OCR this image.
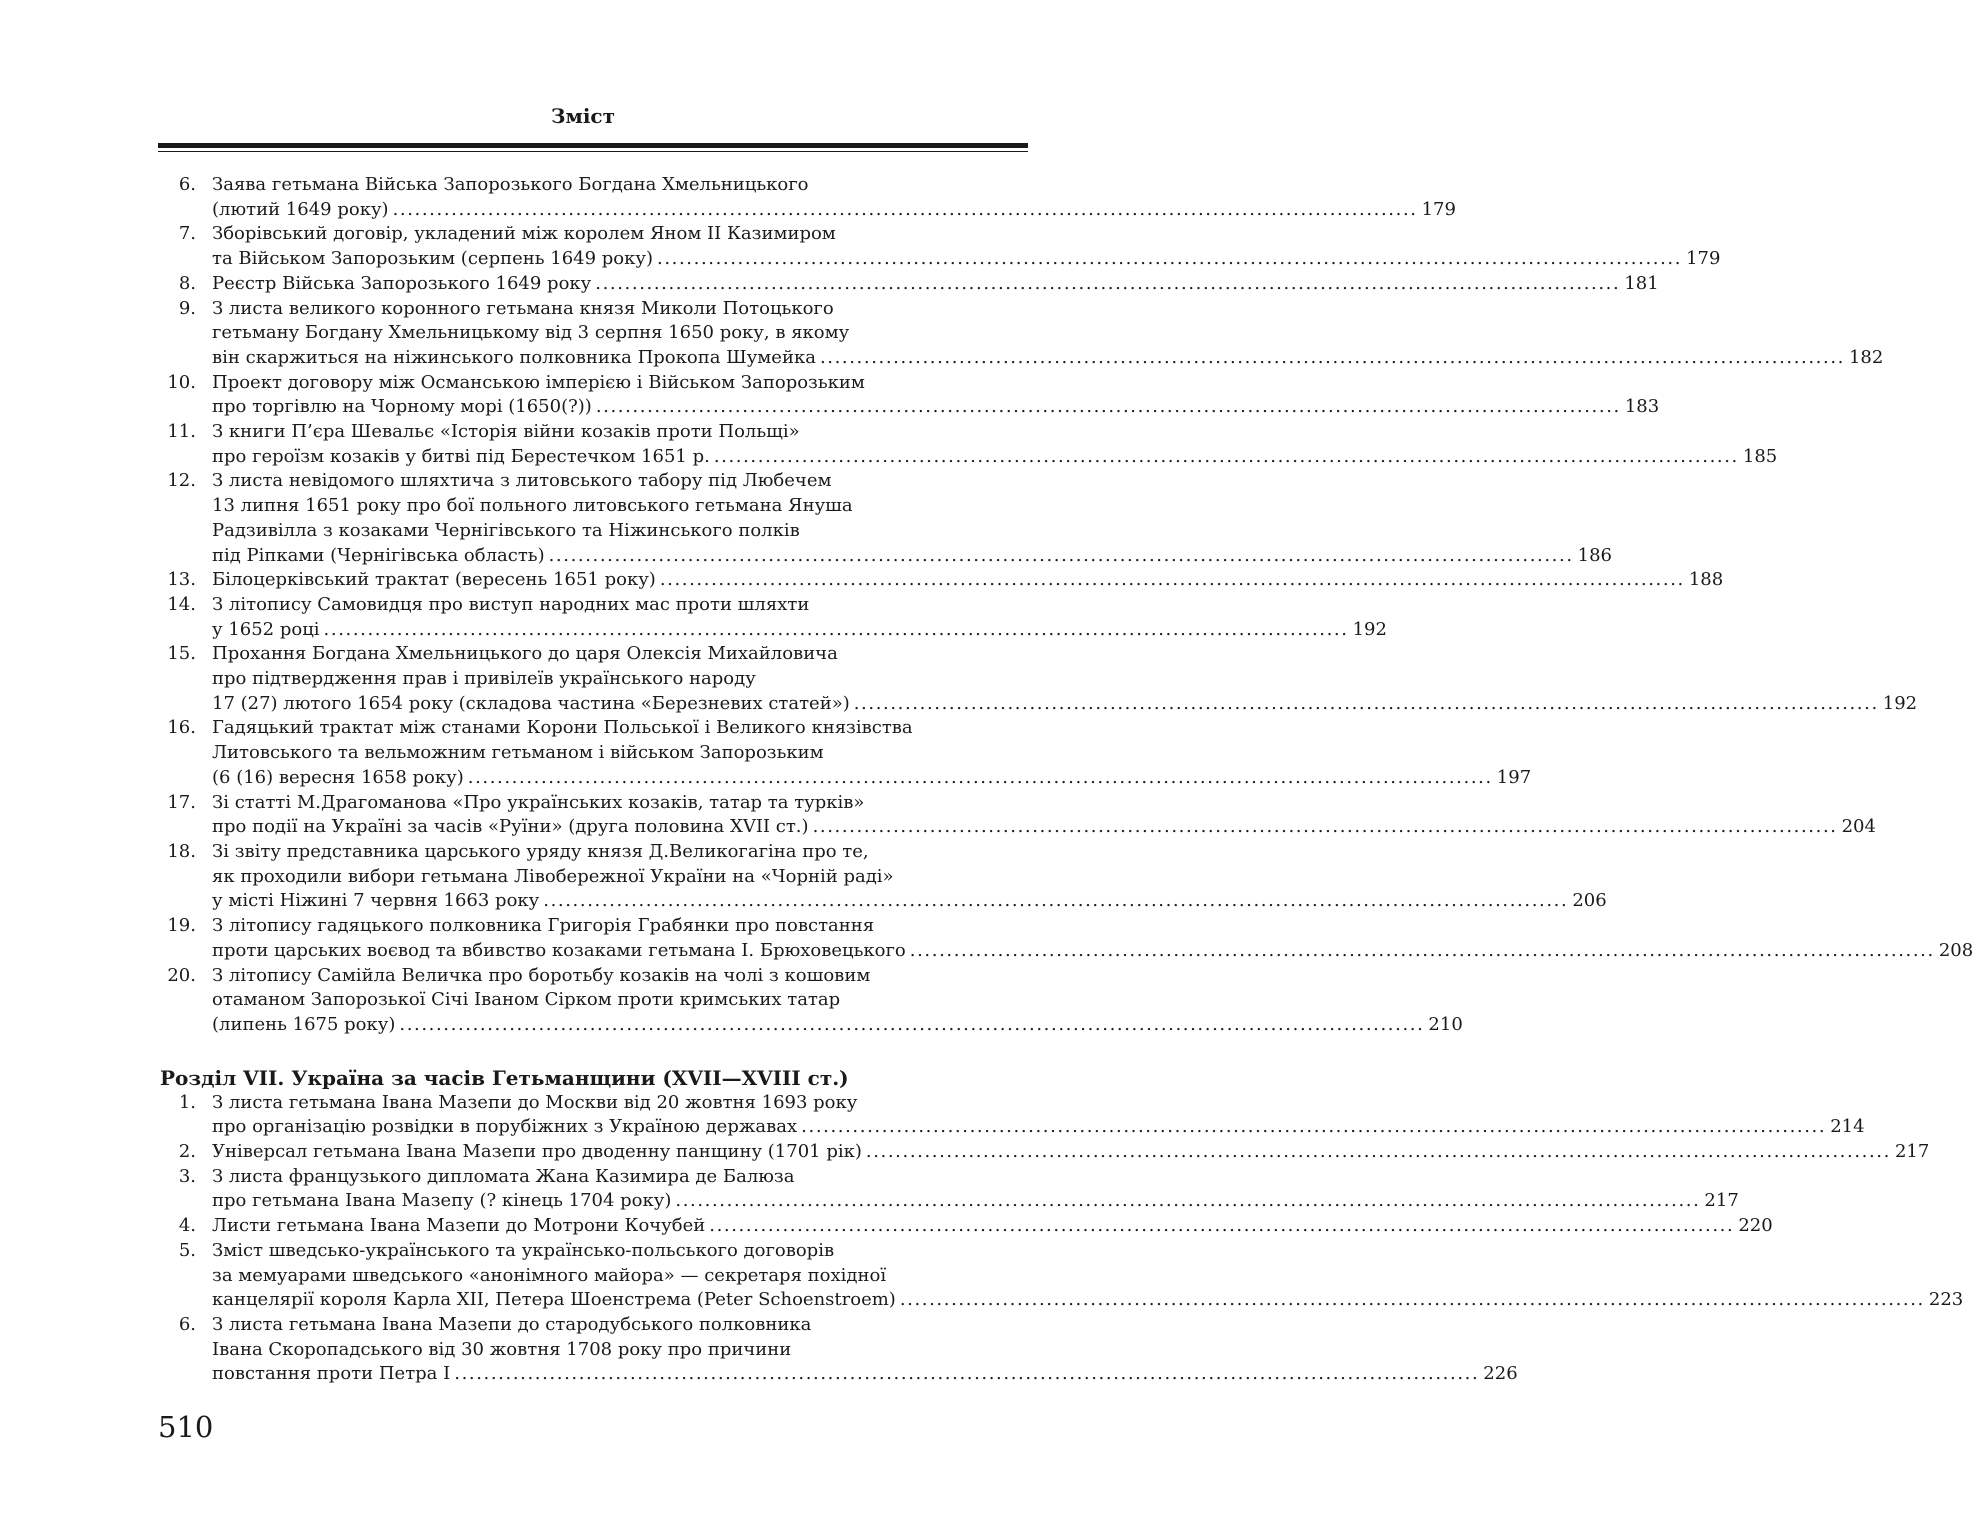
Зміст
6. Заява гетьмана Війська Запорозького Богдана Хмельницького
(лютий 1649 року) ............................................................................................................................................ 179
7. Зборівський договір, укладений між королем Яном II Казимиром
та Військом Запорозьким (серпень 1649 року) ............................................................................................................................................ 179
8. Реєстр Війська Запорозького 1649 року ............................................................................................................................................ 181
9. З листа великого коронного гетьмана князя Миколи Потоцького
гетьману Богдану Хмельницькому від 3 серпня 1650 року, в якому
він скаржиться на ніжинського полковника Прокопа Шумейка ............................................................................................................................................ 182
10. Проект договору між Османською імперією і Військом Запорозьким
про торгівлю на Чорному морі (1650(?)) ............................................................................................................................................ 183
11. З книги П’єра Шевальє «Історія війни козаків проти Польщі»
про героїзм козаків у битві під Берестечком 1651 р. ............................................................................................................................................ 185
12. З листа невідомого шляхтича з литовського табору під Любечем
13 липня 1651 року про бої польного литовського гетьмана Януша
Радзивілла з козаками Чернігівського та Ніжинського полків
під Ріпками (Чернігівська область) ............................................................................................................................................ 186
13. Білоцерківський трактат (вересень 1651 року) ............................................................................................................................................ 188
14. З літопису Самовидця про виступ народних мас проти шляхти
у 1652 році ............................................................................................................................................ 192
15. Прохання Богдана Хмельницького до царя Олексія Михайловича
про підтвердження прав і привілеїв українського народу
17 (27) лютого 1654 року (складова частина «Березневих статей») ............................................................................................................................................ 192
16. Гадяцький трактат між станами Корони Польської і Великого князівства
Литовського та вельможним гетьманом і військом Запорозьким
(6 (16) вересня 1658 року) ............................................................................................................................................ 197
17. Зі статті М.Драгоманова «Про українських козаків, татар та турків»
про події на Україні за часів «Руїни» (друга половина XVII ст.) ............................................................................................................................................ 204
18. Зі звіту представника царського уряду князя Д.Великогагіна про те,
як проходили вибори гетьмана Лівобережної України на «Чорній раді»
у місті Ніжині 7 червня 1663 року ............................................................................................................................................ 206
19. З літопису гадяцького полковника Григорія Грабянки про повстання
проти царських воєвод та вбивство козаками гетьмана І. Брюховецького ............................................................................................................................................ 208
20. З літопису Самійла Величка про боротьбу козаків на чолі з кошовим
отаманом Запорозької Січі Іваном Сірком проти кримських татар
(липень 1675 року) ............................................................................................................................................ 210
Розділ VII. Україна за часів Гетьманщини (XVII—XVIII ст.)
1. З листа гетьмана Івана Мазепи до Москви від 20 жовтня 1693 року
про організацію розвідки в порубіжних з Україною державах ............................................................................................................................................ 214
2. Універсал гетьмана Івана Мазепи про дводенну панщину (1701 рік) ............................................................................................................................................ 217
3. З листа французького дипломата Жана Казимира де Балюза
про гетьмана Івана Мазепу (? кінець 1704 року) ............................................................................................................................................ 217
4. Листи гетьмана Івана Мазепи до Мотрони Кочубей ............................................................................................................................................ 220
5. Зміст шведсько-українського та українсько-польського договорів
за мемуарами шведського «анонімного майора» — секретаря похідної
канцелярії короля Карла XII, Петера Шоенстрема (Peter Schoenstroem) ............................................................................................................................................ 223
6. З листа гетьмана Івана Мазепи до стародубського полковника
Івана Скоропадського від 30 жовтня 1708 року про причини
повстання проти Петра I ............................................................................................................................................ 226
510
